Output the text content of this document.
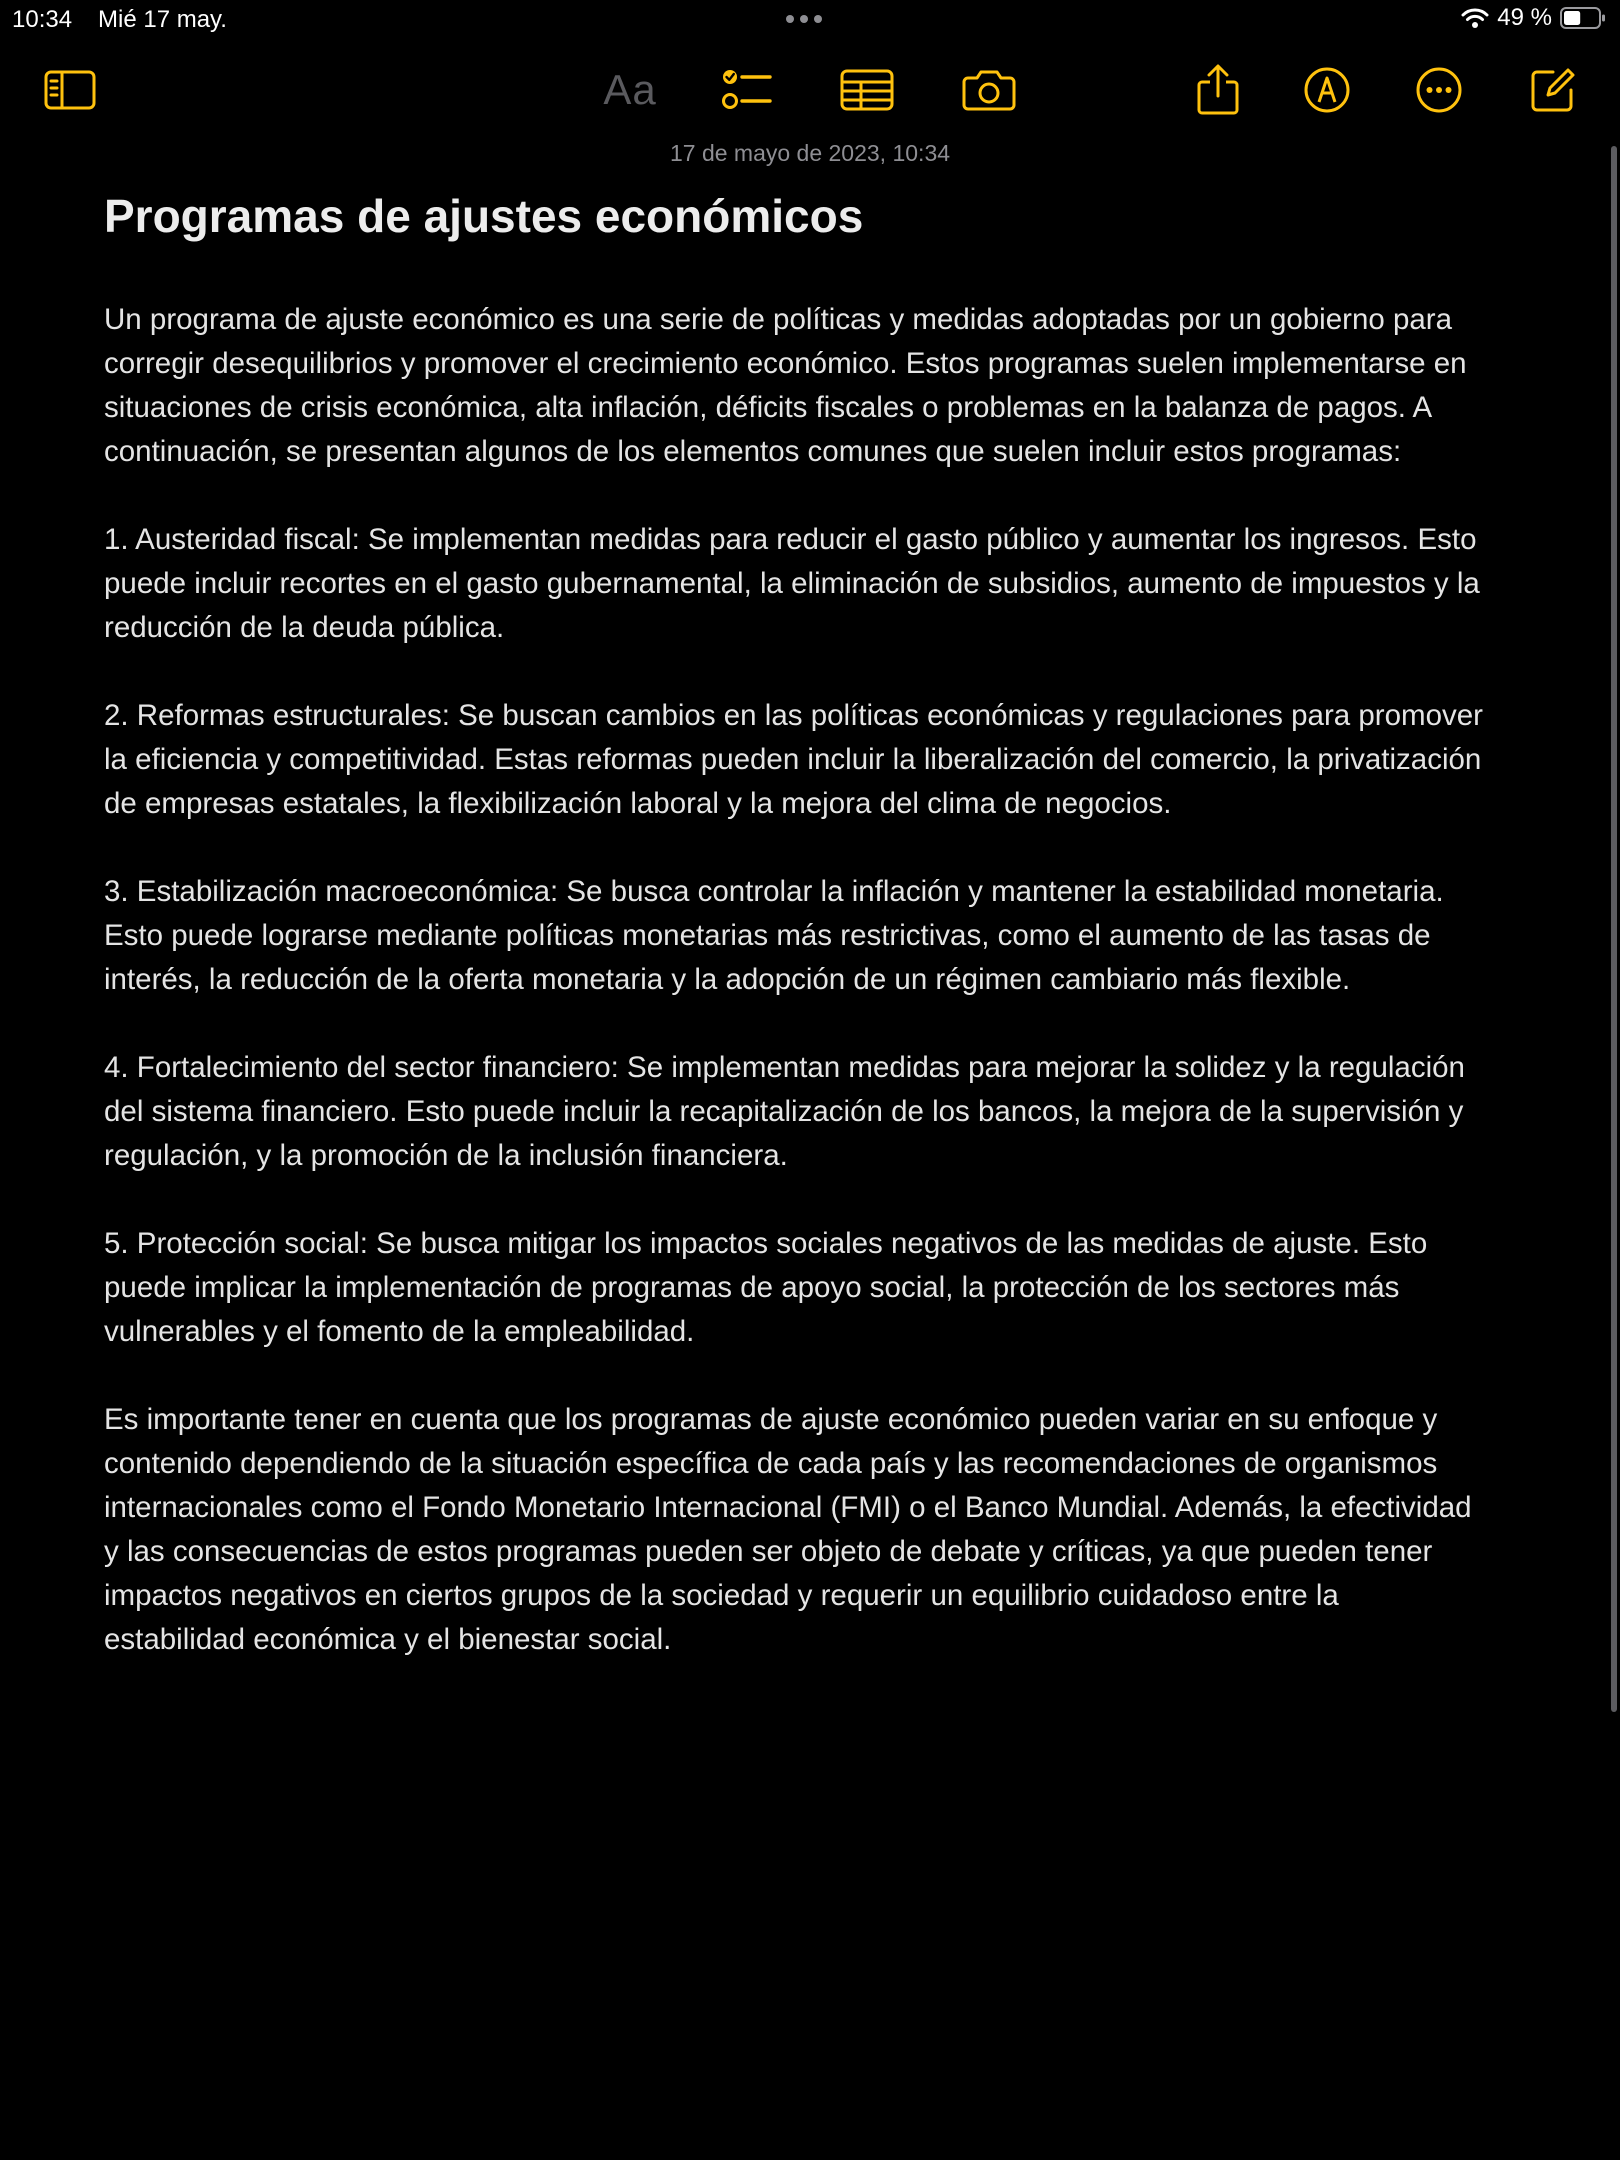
10:34 Mié 17 may.	49 %
Aa
17 de mayo de 2023, 10:34
Programas de ajustes económicos

Un programa de ajuste económico es una serie de políticas y medidas adoptadas por un gobierno para corregir desequilibrios y promover el crecimiento económico. Estos programas suelen implementarse en situaciones de crisis económica, alta inflación, déficits fiscales o problemas en la balanza de pagos. A continuación, se presentan algunos de los elementos comunes que suelen incluir estos programas:

1. Austeridad fiscal: Se implementan medidas para reducir el gasto público y aumentar los ingresos. Esto puede incluir recortes en el gasto gubernamental, la eliminación de subsidios, aumento de impuestos y la reducción de la deuda pública.

2. Reformas estructurales: Se buscan cambios en las políticas económicas y regulaciones para promover la eficiencia y competitividad. Estas reformas pueden incluir la liberalización del comercio, la privatización de empresas estatales, la flexibilización laboral y la mejora del clima de negocios.

3. Estabilización macroeconómica: Se busca controlar la inflación y mantener la estabilidad monetaria. Esto puede lograrse mediante políticas monetarias más restrictivas, como el aumento de las tasas de interés, la reducción de la oferta monetaria y la adopción de un régimen cambiario más flexible.

4. Fortalecimiento del sector financiero: Se implementan medidas para mejorar la solidez y la regulación del sistema financiero. Esto puede incluir la recapitalización de los bancos, la mejora de la supervisión y regulación, y la promoción de la inclusión financiera.

5. Protección social: Se busca mitigar los impactos sociales negativos de las medidas de ajuste. Esto puede implicar la implementación de programas de apoyo social, la protección de los sectores más vulnerables y el fomento de la empleabilidad.

Es importante tener en cuenta que los programas de ajuste económico pueden variar en su enfoque y contenido dependiendo de la situación específica de cada país y las recomendaciones de organismos internacionales como el Fondo Monetario Internacional (FMI) o el Banco Mundial. Además, la efectividad y las consecuencias de estos programas pueden ser objeto de debate y críticas, ya que pueden tener impactos negativos en ciertos grupos de la sociedad y requerir un equilibrio cuidadoso entre la estabilidad económica y el bienestar social.
